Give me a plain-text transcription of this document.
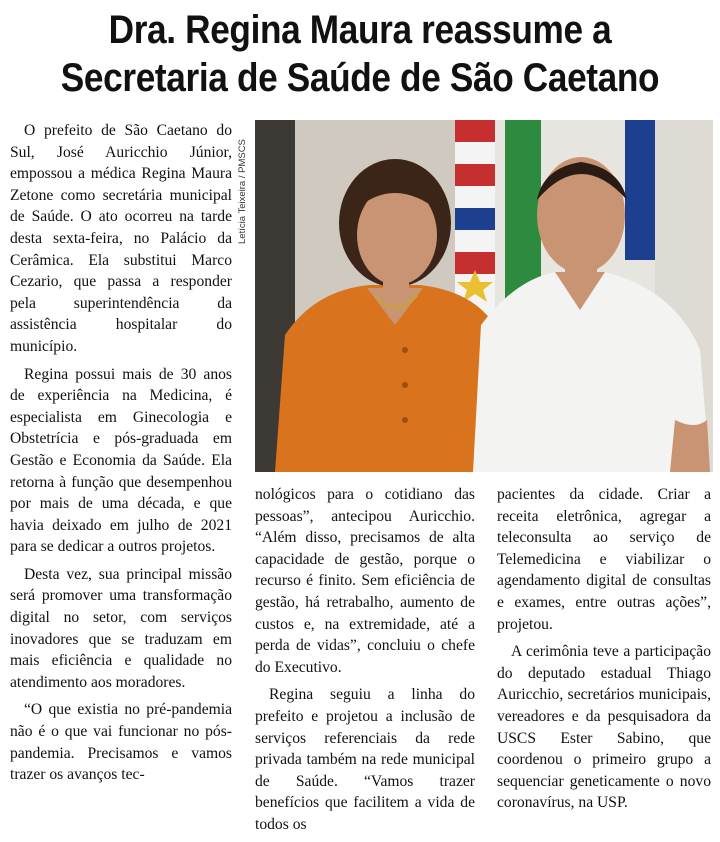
Dra. Regina Maura reassume a
Secretaria de Saúde de São Caetano

O prefeito de São Caetano do Sul, José Auricchio Júnior, empossou a médica Regina Maura Zetone como secretária municipal de Saúde. O ato ocorreu na tarde desta sexta-feira, no Palácio da Cerâmica. Ela substitui Marco Cezario, que passa a responder pela superintendência da assistência hospitalar do município.

Regina possui mais de 30 anos de experiência na Medicina, é especialista em Ginecologia e Obstetrícia e pós-graduada em Gestão e Economia da Saúde. Ela retorna à função que desempenhou por mais de uma década, e que havia deixado em julho de 2021 para se dedicar a outros projetos.

Desta vez, sua principal missão será promover uma transformação digital no setor, com serviços inovadores que se traduzam em mais eficiência e qualidade no atendimento aos moradores.

“O que existia no pré-pandemia não é o que vai funcionar no pós-pandemia. Precisamos e vamos trazer os avanços tec-

Letícia Teixeira / PMSCS

nológicos para o cotidiano das pessoas”, antecipou Auricchio. “Além disso, precisamos de alta capacidade de gestão, porque o recurso é finito. Sem eficiência de gestão, há retrabalho, aumento de custos e, na extremidade, até a perda de vidas”, concluiu o chefe do Executivo.

Regina seguiu a linha do prefeito e projetou a inclusão de serviços referenciais da rede privada também na rede municipal de Saúde. “Vamos trazer benefícios que facilitem a vida de todos os

pacientes da cidade. Criar a receita eletrônica, agregar a teleconsulta ao serviço de Telemedicina e viabilizar o agendamento digital de consultas e exames, entre outras ações”, projetou.

A cerimônia teve a participação do deputado estadual Thiago Auricchio, secretários municipais, vereadores e da pesquisadora da USCS Ester Sabino, que coordenou o primeiro grupo a sequenciar geneticamente o novo coronavírus, na USP.
